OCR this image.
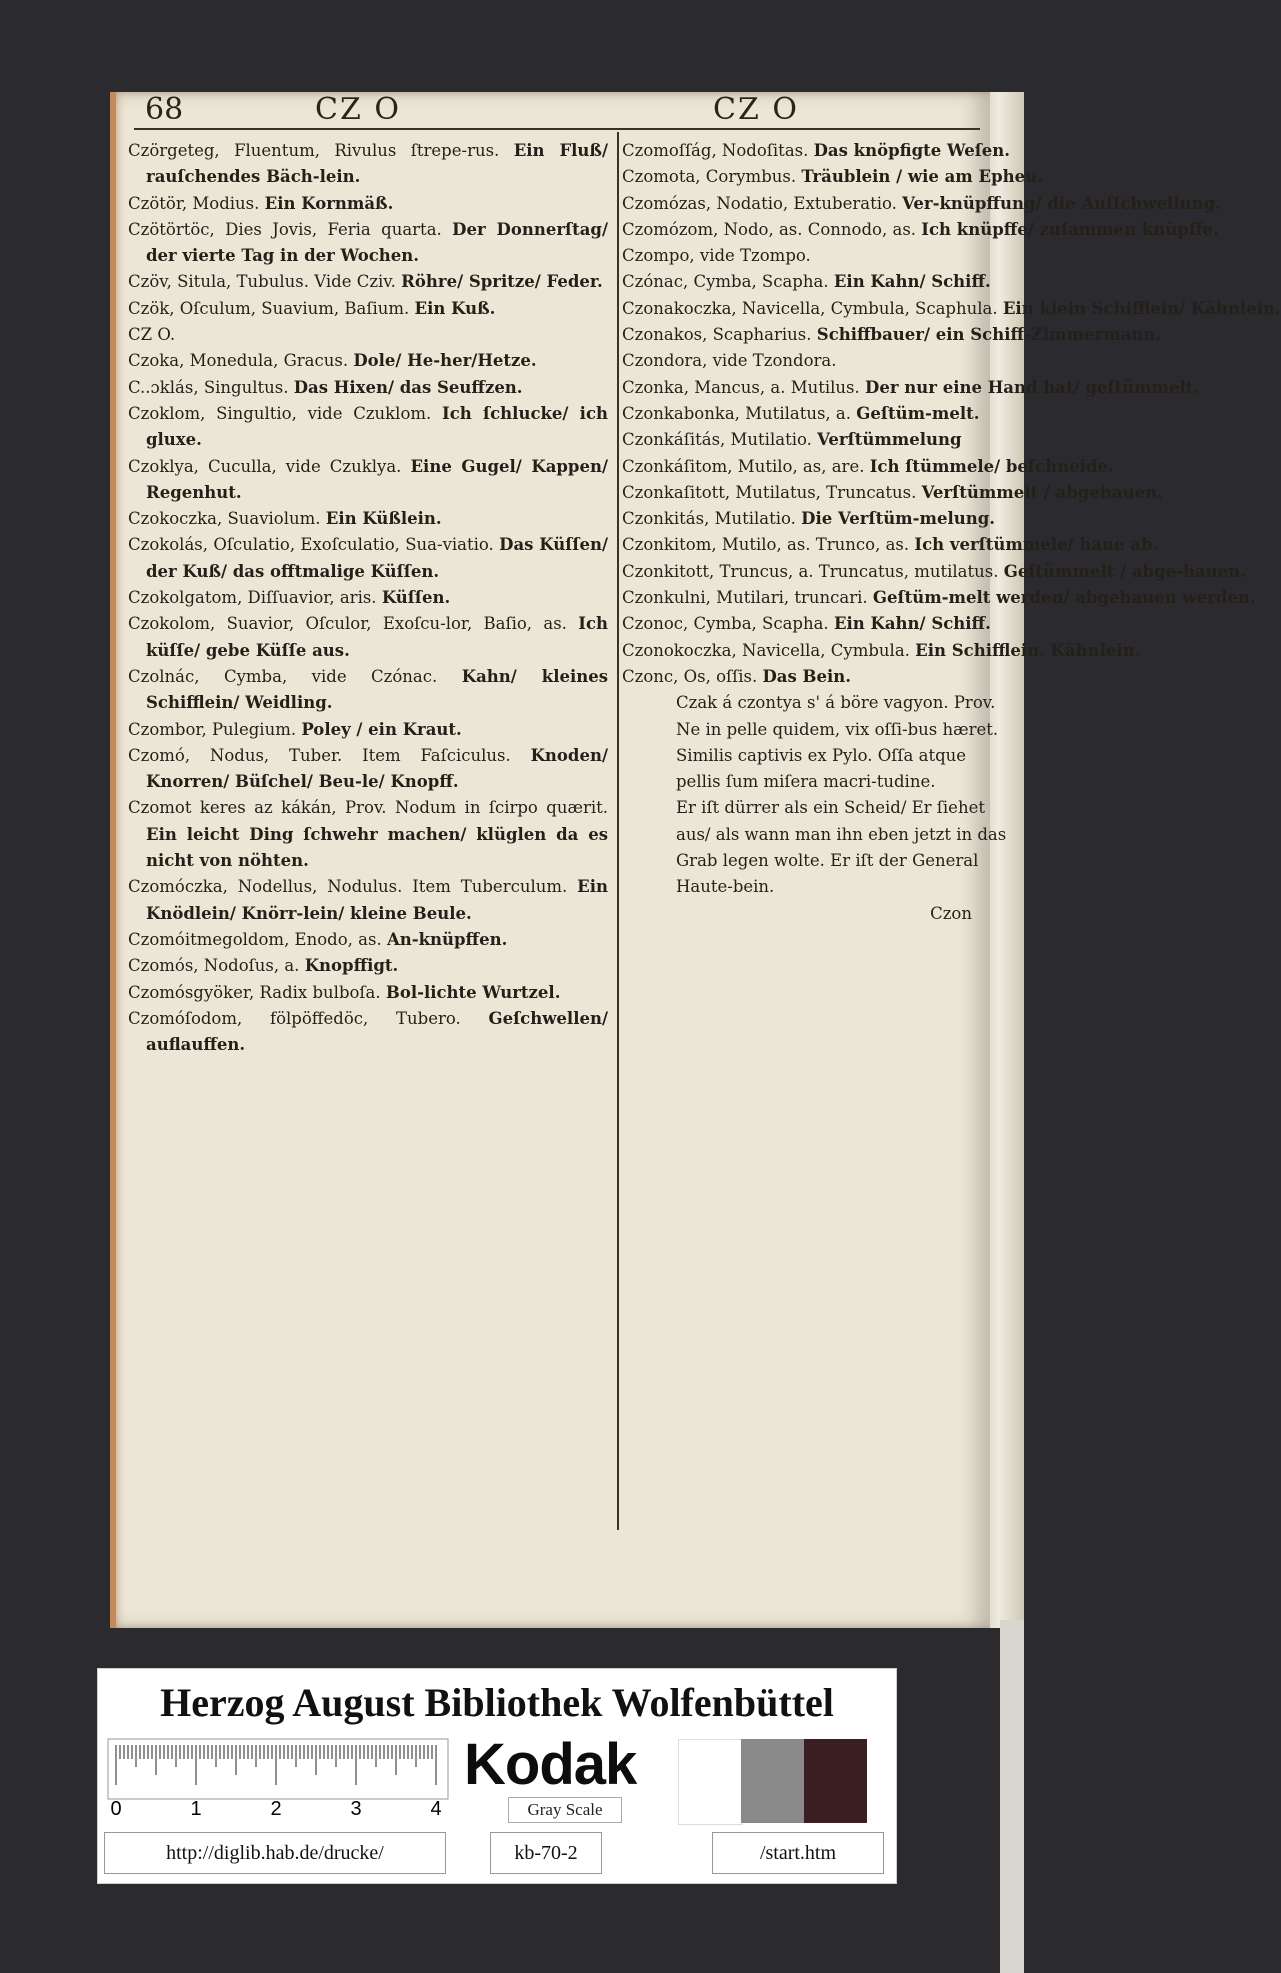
68	CZ O	CZ O
Czörgeteg, Fluentum, Rivulus ſtrepe-rus. Ein Fluß/ rauſchendes Bäch-lein.
Czötör, Modius. Ein Kornmäß.
Czötörtöc, Dies Jovis, Feria quarta. Der Donnerſtag/ der vierte Tag in der Wochen.
Czöv, Situla, Tubulus. Vide Cziv. Röhre/ Spritze/ Feder.
Czök, Oſculum, Suavium, Baſium. Ein Kuß.
CZ O.
Czoka, Monedula, Gracus. Dole/ He-her/Hetze.
C..ɔklás, Singultus. Das Hixen/ das Seuffzen.
Czoklom, Singultio, vide Czuklom. Ich ſchlucke/ ich gluxe.
Czoklya, Cuculla, vide Czuklya. Eine Gugel/ Kappen/ Regenhut.
Czokoczka, Suaviolum. Ein Küßlein.
Czokolás, Oſculatio, Exoſculatio, Sua-viatio. Das Küſſen/ der Kuß/ das offtmalige Küſſen.
Czokolgatom, Diſſuavior, aris. Küſſen.
Czokolom, Suavior, Oſculor, Exoſcu-lor, Baſio, as. Ich küſſe/ gebe Küſſe aus.
Czolnác, Cymba, vide Czónac. Kahn/ kleines Schifflein/ Weidling.
Czombor, Pulegium. Poley / ein Kraut.
Czomó, Nodus, Tuber. Item Faſciculus. Knoden/ Knorren/ Büſchel/ Beu-le/ Knopff.
Czomot keres az kákán, Prov. Nodum in ſcirpo quærit. Ein leicht Ding ſchwehr machen/ klüglen da es nicht von nöhten.
Czomóczka, Nodellus, Nodulus. Item Tuberculum. Ein Knödlein/ Knörr-lein/ kleine Beule.
Czomóitmegoldom, Enodo, as. An-knüpffen.
Czomós, Nodoſus, a. Knopffigt.
Czomósgyöker, Radix bulboſa. Bol-lichte Wurtzel.
Czomóſodom, fölpöffedöc, Tubero. Geſchwellen/ auflauffen.
Czomoſſág, Nodoſitas. Das knöpfigte Weſen.
Czomota, Corymbus. Träublein / wie am Epheu.
Czomózas, Nodatio, Extuberatio. Ver-knüpffung/ die Aufſchwellung.
Czomózom, Nodo, as. Connodo, as. Ich knüpffe/ zuſammen knüpffe.
Czompo, vide Tzompo.
Czónac, Cymba, Scapha. Ein Kahn/ Schiff.
Czonakoczka, Navicella, Cymbula, Scaphula. Ein klein Schifflein/ Kähnlein.
Czonakos, Scapharius. Schiffbauer/ ein Schiff-Zimmermann.
Czondora, vide Tzondora.
Czonka, Mancus, a. Mutilus. Der nur eine Hand hat/ geſtümmelt.
Czonkabonka, Mutilatus, a. Geſtüm-melt.
Czonkáſitás, Mutilatio. Verſtümmelung
Czonkáſitom, Mutilo, as, are. Ich ſtümmele/ beſchneide.
Czonkaſitott, Mutilatus, Truncatus. Verſtümmelt / abgehauen.
Czonkitás, Mutilatio. Die Verſtüm-melung.
Czonkitom, Mutilo, as. Trunco, as. Ich verſtümmele/ haue ab.
Czonkitott, Truncus, a. Truncatus, mutilatus. Geſtümmelt / abge-hauen.
Czonkulni, Mutilari, truncari. Geſtüm-melt werden/ abgehauen werden.
Czonoc, Cymba, Scapha. Ein Kahn/ Schiff.
Czonokoczka, Navicella, Cymbula. Ein Schifflein. Kähnlein.
Czonc, Os, oſſis. Das Bein.
Czak á czontya s' á böre vagyon. Prov.
Ne in pelle quidem, vix oſſi-bus hæret. Similis captivis ex Pylo. Oſſa atque pellis ſum miſera macri-tudine.
Er iſt dürrer als ein Scheid/ Er ſiehet aus/ als wann man ihn eben jetzt in das Grab legen wolte. Er iſt der General Haute-bein.
Czon
Herzog August Bibliothek Wolfenbüttel
0	1	2	3	4
Kodak
Gray Scale
http://diglib.hab.de/drucke/	kb-70-2	/start.htm
